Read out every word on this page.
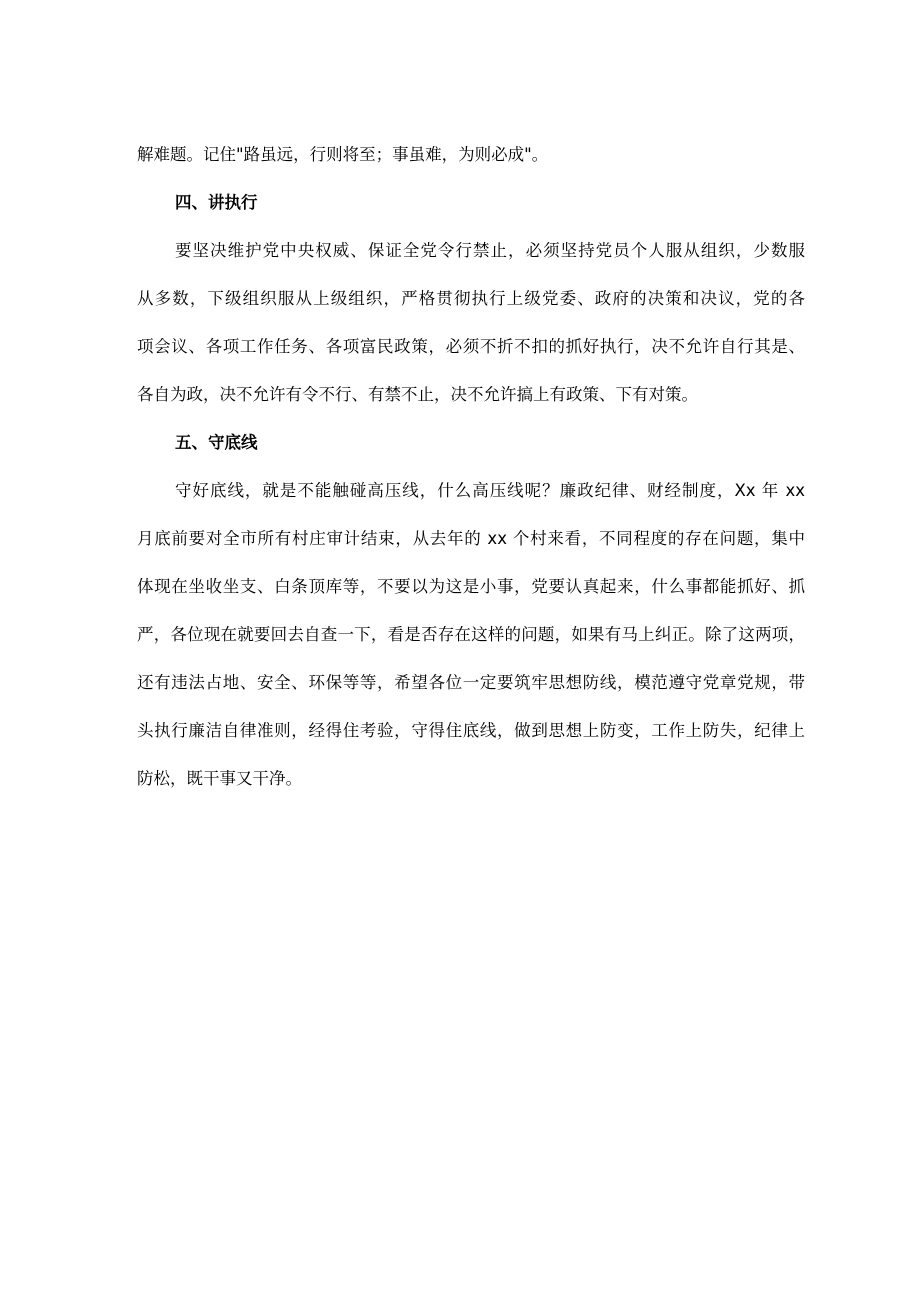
解难题。记住"路虽远，行则将至；事虽难，为则必成"。
四、讲执行
要坚决维护党中央权威、保证全党令行禁止，必须坚持党员个人服从组织，少数服
从多数，下级组织服从上级组织，严格贯彻执行上级党委、政府的决策和决议，党的各
项会议、各项工作任务、各项富民政策，必须不折不扣的抓好执行，决不允许自行其是、
各自为政，决不允许有令不行、有禁不止，决不允许搞上有政策、下有对策。
五、守底线
守好底线，就是不能触碰高压线，什么高压线呢？廉政纪律、财经制度，Xx 年 xx
月底前要对全市所有村庄审计结束，从去年的 xx 个村来看，不同程度的存在问题，集中
体现在坐收坐支、白条顶库等，不要以为这是小事，党要认真起来，什么事都能抓好、抓
严，各位现在就要回去自查一下，看是否存在这样的问题，如果有马上纠正。除了这两项，
还有违法占地、安全、环保等等，希望各位一定要筑牢思想防线，模范遵守党章党规，带
头执行廉洁自律准则，经得住考验，守得住底线，做到思想上防变，工作上防失，纪律上
防松，既干事又干净。
